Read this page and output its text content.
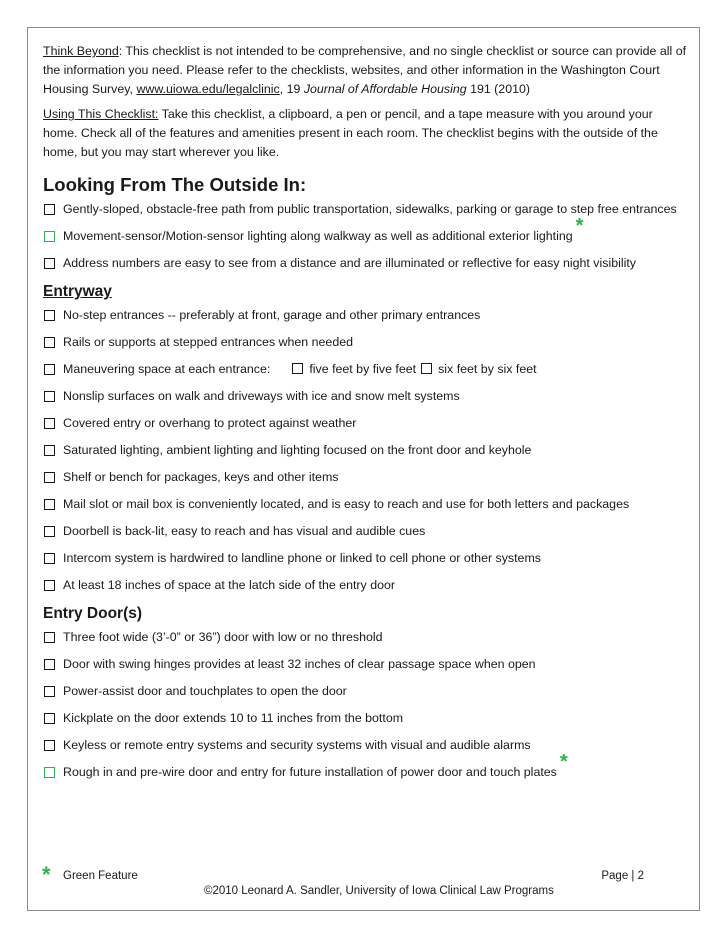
Think Beyond: This checklist is not intended to be comprehensive, and no single checklist or source can provide all of the information you need. Please refer to the checklists, websites, and other information in the Washington Court Housing Survey, www.uiowa.edu/legalclinic, 19 Journal of Affordable Housing 191 (2010)

Using This Checklist: Take this checklist, a clipboard, a pen or pencil, and a tape measure with you around your home. Check all of the features and amenities present in each room. The checklist begins with the outside of the home, but you may start wherever you like.

Looking From The Outside In:
Gently-sloped, obstacle-free path from public transportation, sidewalks, parking or garage to step free entrances
Movement-sensor/Motion-sensor lighting along walkway as well as additional exterior lighting *
Address numbers are easy to see from a distance and are illuminated or reflective for easy night visibility
Entryway
No-step entrances -- preferably at front, garage and other primary entrances
Rails or supports at stepped entrances when needed
Maneuvering space at each entrance:	five feet by five feet six feet by six feet
Nonslip surfaces on walk and driveways with ice and snow melt systems
Covered entry or overhang to protect against weather
Saturated lighting, ambient lighting and lighting focused on the front door and keyhole
Shelf or bench for packages, keys and other items
Mail slot or mail box is conveniently located, and is easy to reach and use for both letters and packages
Doorbell is back-lit, easy to reach and has visual and audible cues
Intercom system is hardwired to landline phone or linked to cell phone or other systems
At least 18 inches of space at the latch side of the entry door
Entry Door(s)
Three foot wide (3’-0” or 36”) door with low or no threshold
Door with swing hinges provides at least 32 inches of clear passage space when open
Power-assist door and touchplates to open the door
Kickplate on the door extends 10 to 11 inches from the bottom
Keyless or remote entry systems and security systems with visual and audible alarms
Rough in and pre-wire door and entry for future installation of power door and touch plates *
* Green Feature	Page | 2
©2010 Leonard A. Sandler, University of Iowa Clinical Law Programs
